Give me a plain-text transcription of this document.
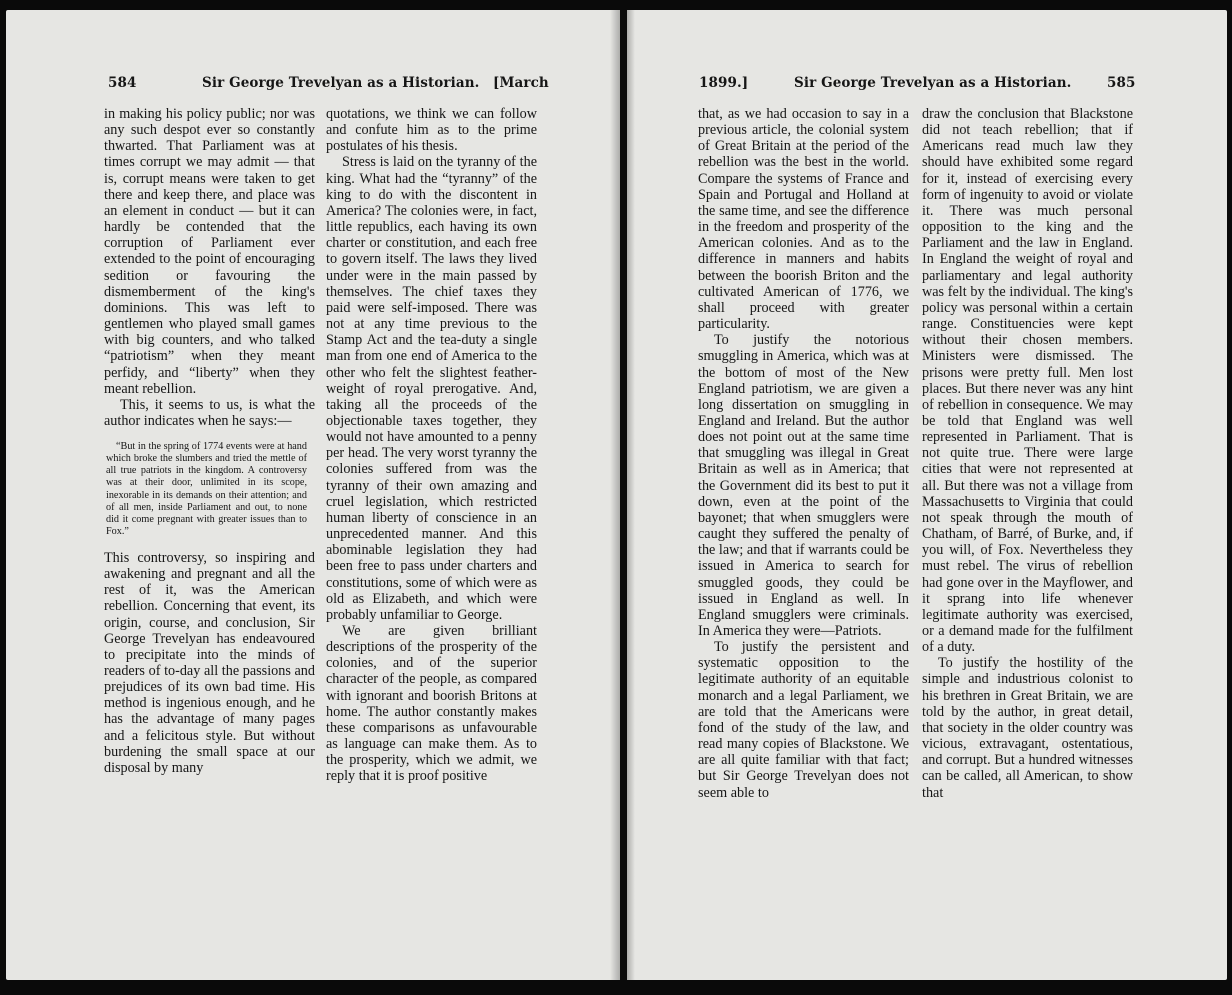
584	Sir George Trevelyan as a Historian. [March

in making his policy public; nor was any such despot ever so constantly thwarted. That Parliament was at times corrupt we may admit — that is, corrupt means were taken to get there and keep there, and place was an element in conduct — but it can hardly be contended that the corruption of Parliament ever extended to the point of encouraging sedition or favouring the dismemberment of the king's dominions. This was left to gentlemen who played small games with big counters, and who talked “patriotism” when they meant perfidy, and “liberty” when they meant rebellion.

This, it seems to us, is what the author indicates when he says:—

“But in the spring of 1774 events were at hand which broke the slumbers and tried the mettle of all true patriots in the kingdom. A controversy was at their door, unlimited in its scope, inexorable in its demands on their attention; and of all men, inside Parliament and out, to none did it come pregnant with greater issues than to Fox.”

This controversy, so inspiring and awakening and pregnant and all the rest of it, was the American rebellion. Concerning that event, its origin, course, and conclusion, Sir George Trevelyan has endeavoured to precipitate into the minds of readers of to-day all the passions and prejudices of its own bad time. His method is ingenious enough, and he has the advantage of many pages and a felicitous style. But without burdening the small space at our disposal by many

quotations, we think we can follow and confute him as to the prime postulates of his thesis.

Stress is laid on the tyranny of the king. What had the “tyranny” of the king to do with the discontent in America? The colonies were, in fact, little republics, each having its own charter or constitution, and each free to govern itself. The laws they lived under were in the main passed by themselves. The chief taxes they paid were self-imposed. There was not at any time previous to the Stamp Act and the tea-duty a single man from one end of America to the other who felt the slightest feather-weight of royal prerogative. And, taking all the proceeds of the objectionable taxes together, they would not have amounted to a penny per head. The very worst tyranny the colonies suffered from was the tyranny of their own amazing and cruel legislation, which restricted human liberty of conscience in an unprecedented manner. And this abominable legislation they had been free to pass under charters and constitutions, some of which were as old as Elizabeth, and which were probably unfamiliar to George.

We are given brilliant descriptions of the prosperity of the colonies, and of the superior character of the people, as compared with ignorant and boorish Britons at home. The author constantly makes these comparisons as unfavourable as language can make them. As to the prosperity, which we admit, we reply that it is proof positive

1899.]	Sir George Trevelyan as a Historian.	585

that, as we had occasion to say in a previous article, the colonial system of Great Britain at the period of the rebellion was the best in the world. Compare the systems of France and Spain and Portugal and Holland at the same time, and see the difference in the freedom and prosperity of the American colonies. And as to the difference in manners and habits between the boorish Briton and the cultivated American of 1776, we shall proceed with greater particularity.

To justify the notorious smuggling in America, which was at the bottom of most of the New England patriotism, we are given a long dissertation on smuggling in England and Ireland. But the author does not point out at the same time that smuggling was illegal in Great Britain as well as in America; that the Government did its best to put it down, even at the point of the bayonet; that when smugglers were caught they suffered the penalty of the law; and that if warrants could be issued in America to search for smuggled goods, they could be issued in England as well. In England smugglers were criminals. In America they were—Patriots.

To justify the persistent and systematic opposition to the legitimate authority of an equitable monarch and a legal Parliament, we are told that the Americans were fond of the study of the law, and read many copies of Blackstone. We are all quite familiar with that fact; but Sir George Trevelyan does not seem able to

draw the conclusion that Blackstone did not teach rebellion; that if Americans read much law they should have exhibited some regard for it, instead of exercising every form of ingenuity to avoid or violate it. There was much personal opposition to the king and the Parliament and the law in England. In England the weight of royal and parliamentary and legal authority was felt by the individual. The king's policy was personal within a certain range. Constituencies were kept without their chosen members. Ministers were dismissed. The prisons were pretty full. Men lost places. But there never was any hint of rebellion in consequence. We may be told that England was well represented in Parliament. That is not quite true. There were large cities that were not represented at all. But there was not a village from Massachusetts to Virginia that could not speak through the mouth of Chatham, of Barré, of Burke, and, if you will, of Fox. Nevertheless they must rebel. The virus of rebellion had gone over in the Mayflower, and it sprang into life whenever legitimate authority was exercised, or a demand made for the fulfilment of a duty.

To justify the hostility of the simple and industrious colonist to his brethren in Great Britain, we are told by the author, in great detail, that society in the older country was vicious, extravagant, ostentatious, and corrupt. But a hundred witnesses can be called, all American, to show that
